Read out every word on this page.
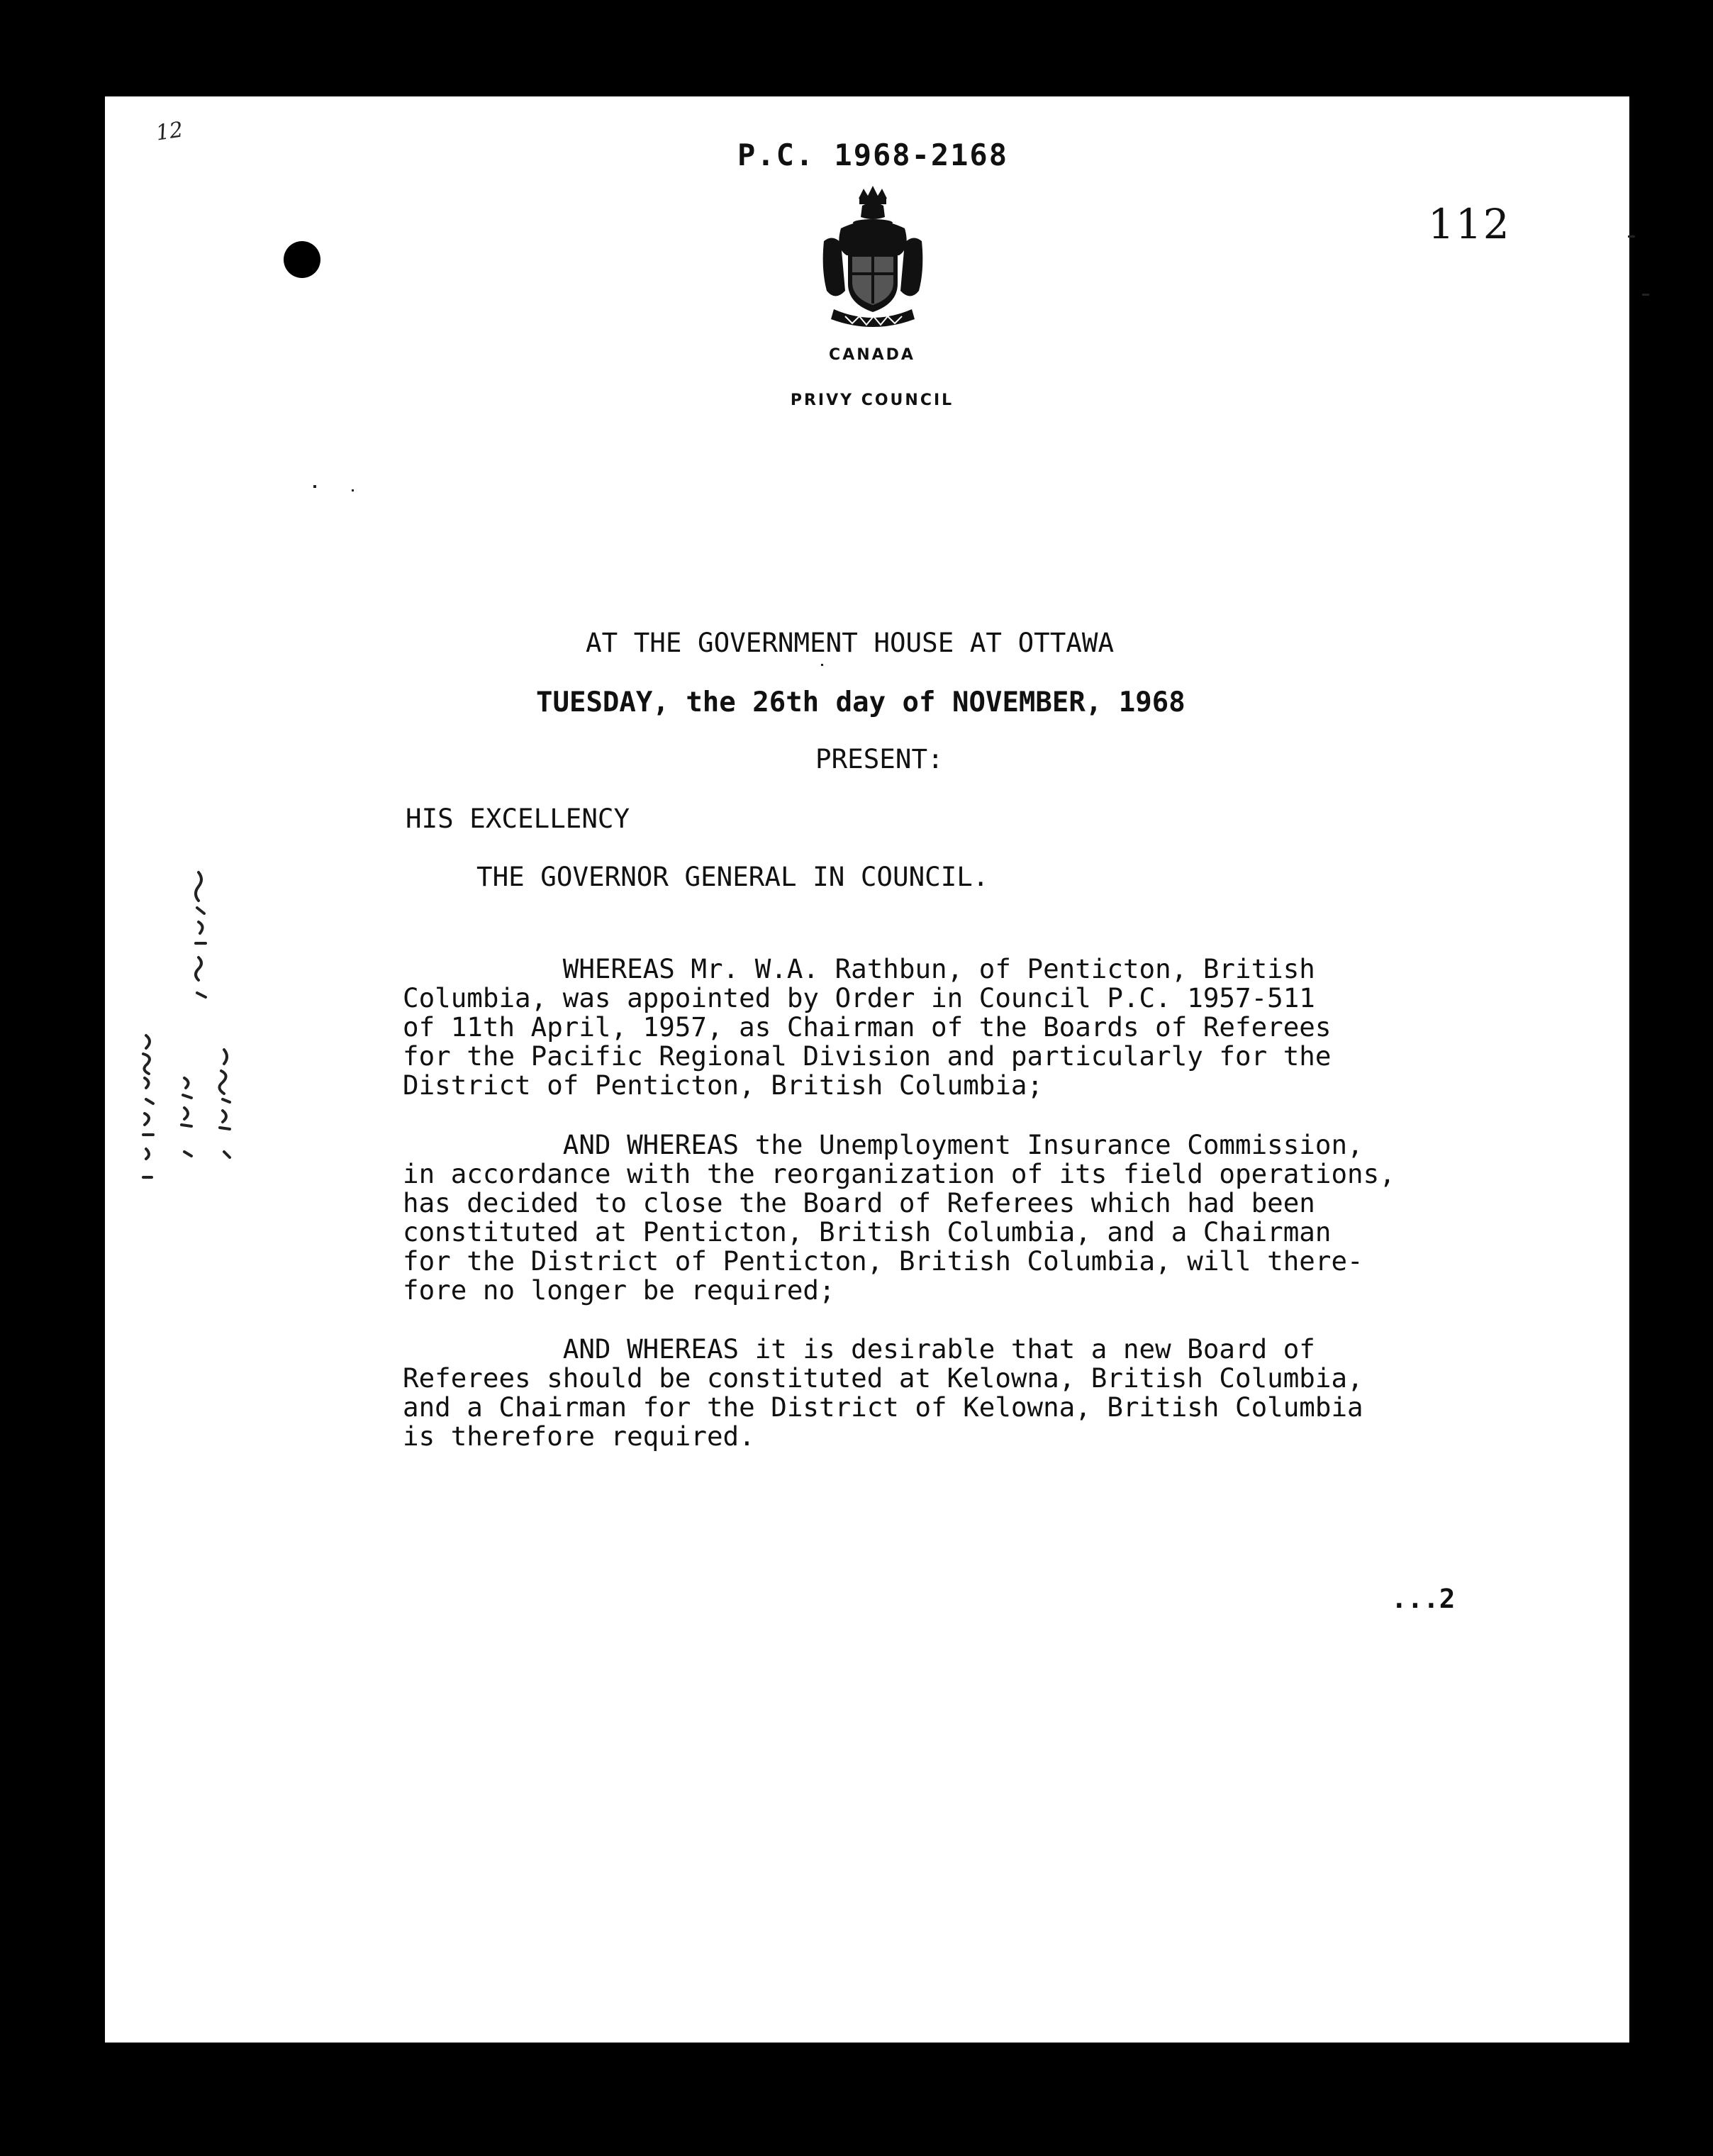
12
P.C. 1968-2168
112
CANADA
PRIVY COUNCIL
AT THE GOVERNMENT HOUSE AT OTTAWA
TUESDAY, the 26th day of NOVEMBER, 1968
PRESENT:
HIS EXCELLENCY
THE GOVERNOR GENERAL IN COUNCIL.
WHEREAS Mr. W.A. Rathbun, of Penticton, British
Columbia, was appointed by Order in Council P.C. 1957-511
of 11th April, 1957, as Chairman of the Boards of Referees
for the Pacific Regional Division and particularly for the
District of Penticton, British Columbia;
AND WHEREAS the Unemployment Insurance Commission,
in accordance with the reorganization of its field operations,
has decided to close the Board of Referees which had been
constituted at Penticton, British Columbia, and a Chairman
for the District of Penticton, British Columbia, will there-
fore no longer be required;
AND WHEREAS it is desirable that a new Board of
Referees should be constituted at Kelowna, British Columbia,
and a Chairman for the District of Kelowna, British Columbia
is therefore required.
...2
